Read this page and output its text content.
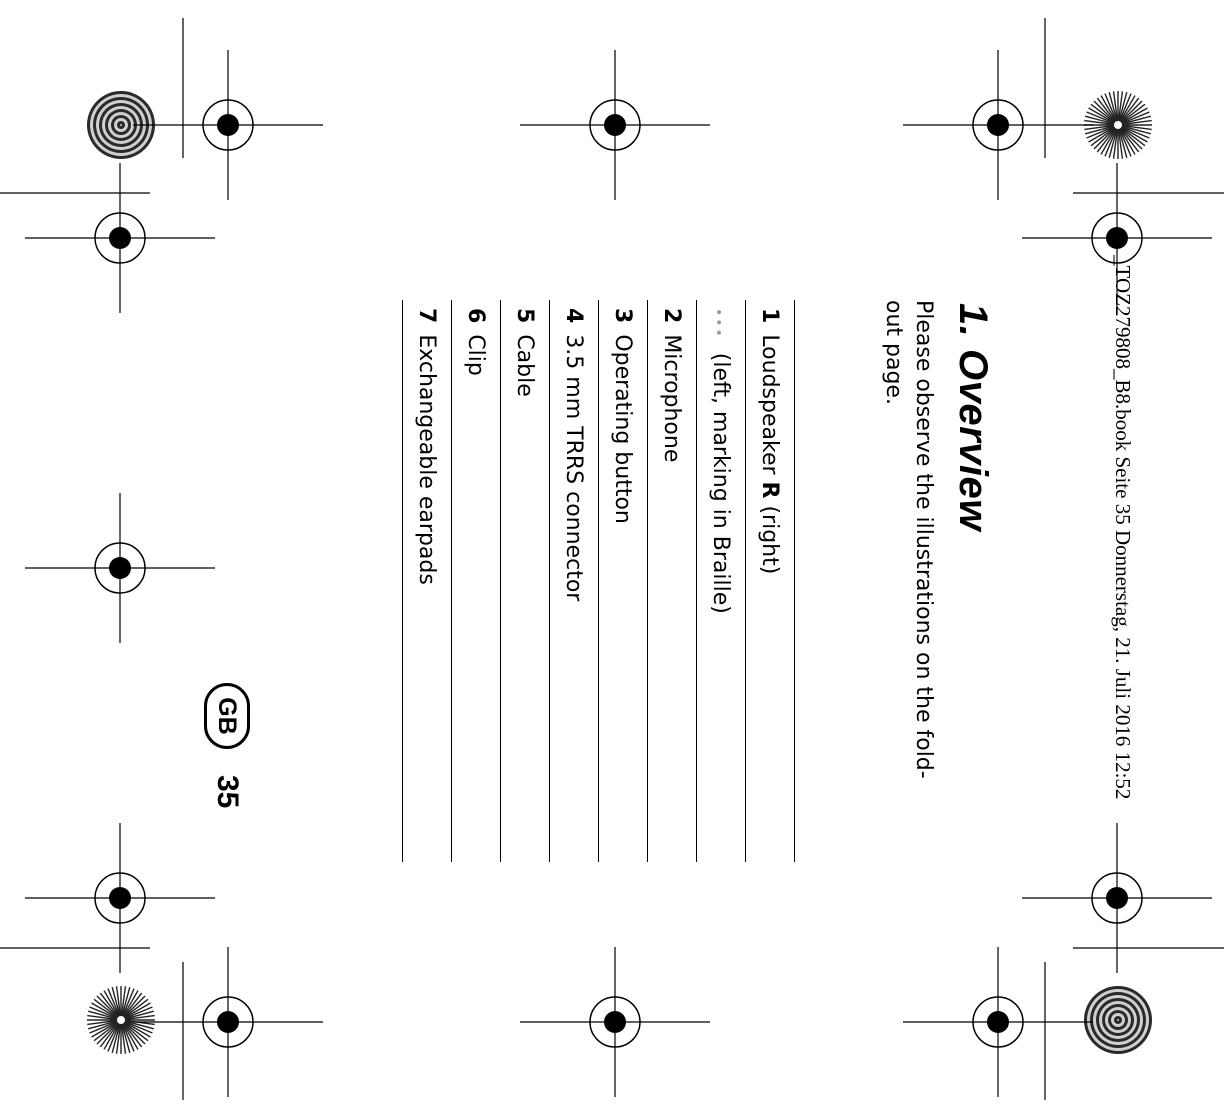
_TOZ279808_B8.book Seite 35 Donnerstag, 21. Juli 2016 12:52
1. Overview
Please observe the illustrations on the fold-
out page.
1 Loudspeaker R (right)
•••  (left, marking in Braille)
2 Microphone
3 Operating button
4 3.5 mm TRRS connector
5 Cable
6 Clip
7 Exchangeable earpads
GB
35
